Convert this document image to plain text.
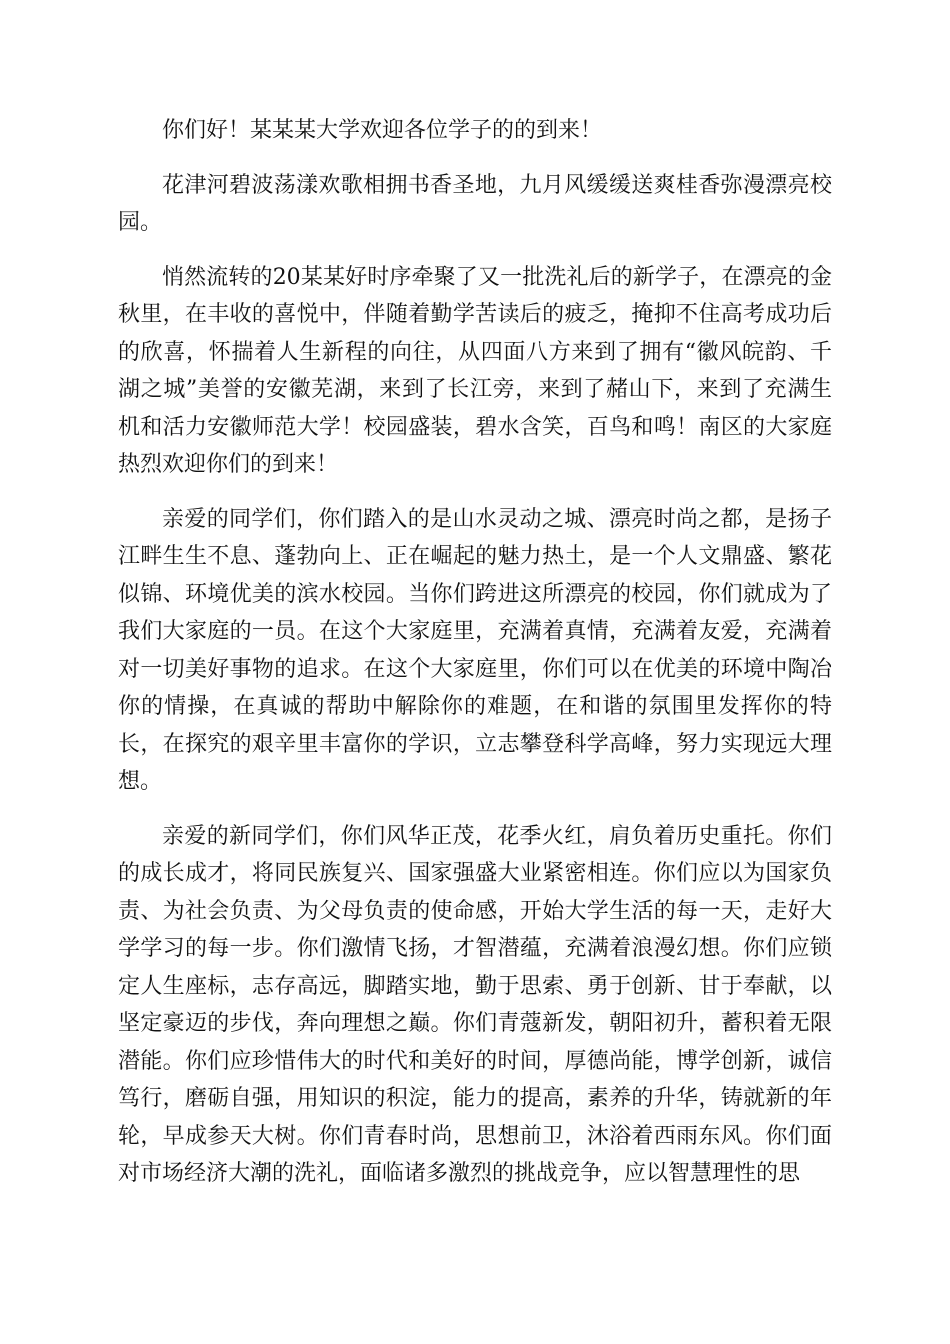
你们好！某某某大学欢迎各位学子的的到来！

花津河碧波荡漾欢歌相拥书香圣地，九月风缓缓送爽桂香弥漫漂亮校园。

悄然流转的20某某好时序牵聚了又一批洗礼后的新学子，在漂亮的金秋里，在丰收的喜悦中，伴随着勤学苦读后的疲乏，掩抑不住高考成功后的欣喜，怀揣着人生新程的向往，从四面八方来到了拥有“徽风皖韵、千湖之城”美誉的安徽芜湖，来到了长江旁，来到了赭山下，来到了充满生机和活力安徽师范大学！校园盛装，碧水含笑，百鸟和鸣！南区的大家庭热烈欢迎你们的到来！

亲爱的同学们，你们踏入的是山水灵动之城、漂亮时尚之都，是扬子江畔生生不息、蓬勃向上、正在崛起的魅力热土，是一个人文鼎盛、繁花似锦、环境优美的滨水校园。当你们跨进这所漂亮的校园，你们就成为了我们大家庭的一员。在这个大家庭里，充满着真情，充满着友爱，充满着对一切美好事物的追求。在这个大家庭里，你们可以在优美的环境中陶冶你的情操，在真诚的帮助中解除你的难题，在和谐的氛围里发挥你的特长，在探究的艰辛里丰富你的学识，立志攀登科学高峰，努力实现远大理想。

亲爱的新同学们，你们风华正茂，花季火红，肩负着历史重托。你们的成长成才，将同民族复兴、国家强盛大业紧密相连。你们应以为国家负责、为社会负责、为父母负责的使命感，开始大学生活的每一天，走好大学学习的每一步。你们激情飞扬，才智潜蕴，充满着浪漫幻想。你们应锁定人生座标，志存高远，脚踏实地，勤于思索、勇于创新、甘于奉献，以坚定豪迈的步伐，奔向理想之巅。你们青蔻新发，朝阳初升，蓄积着无限潜能。你们应珍惜伟大的时代和美好的时间，厚德尚能，博学创新，诚信笃行，磨砺自强，用知识的积淀，能力的提高，素养的升华，铸就新的年轮，早成参天大树。你们青春时尚，思想前卫，沐浴着西雨东风。你们面对市场经济大潮的洗礼，面临诸多激烈的挑战竞争，应以智慧理性的思
